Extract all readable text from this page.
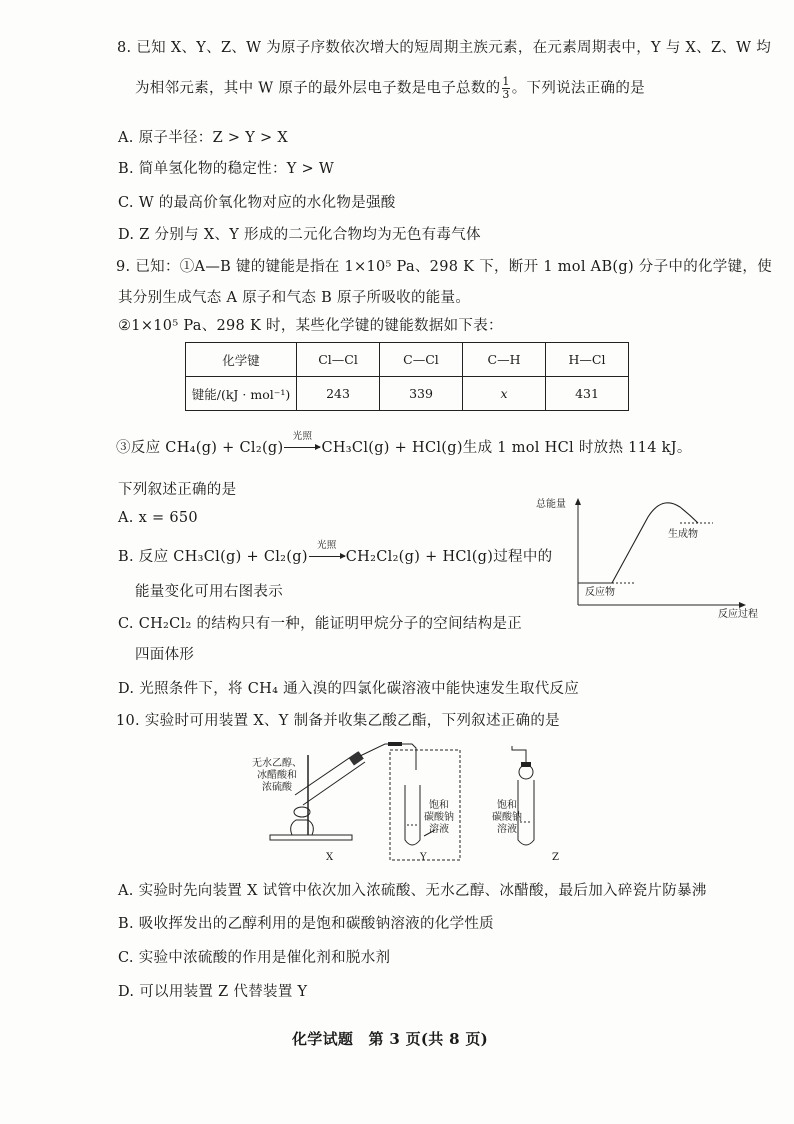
8. 已知 X、Y、Z、W 为原子序数依次增大的短周期主族元素，在元素周期表中，Y 与 X、Z、W 均
为相邻元素，其中 W 原子的最外层电子数是电子总数的 $\frac{1}{3}$ 。下列说法正确的是
A. 原子半径：Z > Y > X
B. 简单氢化物的稳定性：Y > W
C. W 的最高价氧化物对应的水化物是强酸
D. Z 分别与 X、Y 形成的二元化合物均为无色有毒气体
9. 已知：①A—B 键的键能是指在 1×10⁵ Pa、298 K 下，断开 1 mol AB(g) 分子中的化学键，使
其分别生成气态 A 原子和气态 B 原子所吸收的能量。
②1×10⁵ Pa、298 K 时，某些化学键的键能数据如下表：
化学键	Cl—Cl	C—Cl	C—H	H—Cl
键能/(kJ · mol⁻¹)	243	339	x	431
③反应 CH₄(g) + Cl₂(g)
光照
CH₃Cl(g) + HCl(g)生成 1 mol HCl 时放热 114 kJ。
下列叙述正确的是
A. x = 650
B. 反应 CH₃Cl(g) + Cl₂(g)
光照
CH₂Cl₂(g) + HCl(g)过程中的
能量变化可用右图表示
C. CH₂Cl₂ 的结构只有一种，能证明甲烷分子的空间结构是正
四面体形
D. 光照条件下，将 CH₄ 通入溴的四氯化碳溶液中能快速发生取代反应
总能量
生成物
反应物
反应过程
10. 实验时可用装置 X、Y 制备并收集乙酸乙酯，下列叙述正确的是
无水乙醇、
冰醋酸和
浓硫酸
饱和
碳酸钠
溶液
饱和
碳酸钠
溶液
X	Y	Z
A. 实验时先向装置 X 试管中依次加入浓硫酸、无水乙醇、冰醋酸，最后加入碎瓷片防暴沸
B. 吸收挥发出的乙醇利用的是饱和碳酸钠溶液的化学性质
C. 实验中浓硫酸的作用是催化剂和脱水剂
D. 可以用装置 Z 代替装置 Y
化学试题　第 3 页(共 8 页)
